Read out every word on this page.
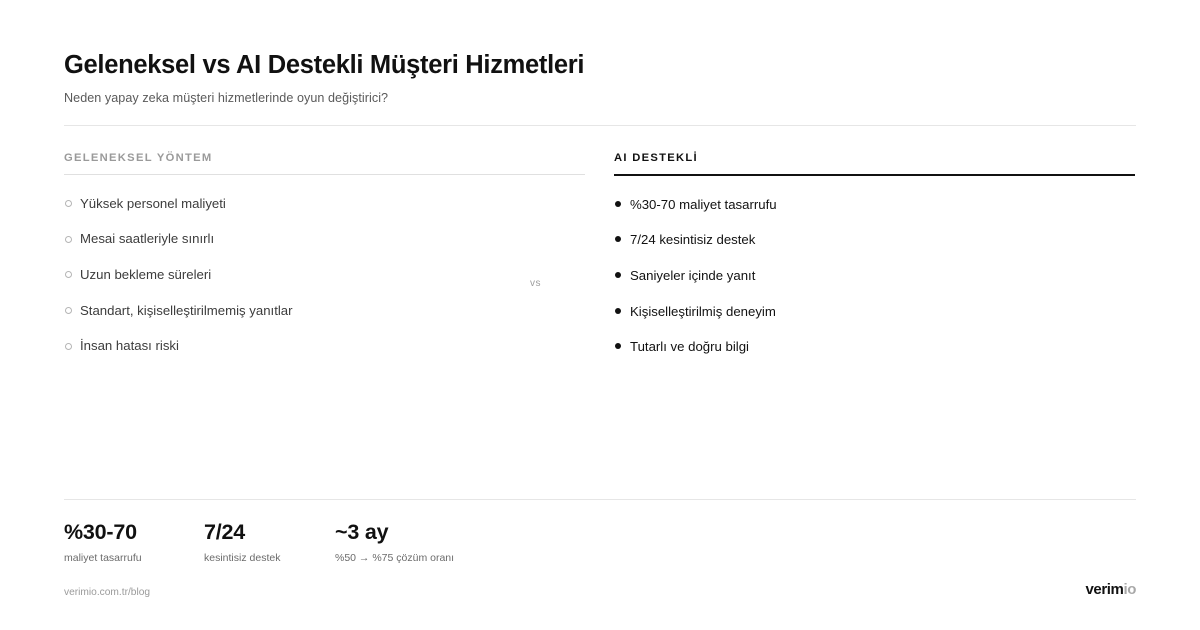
Geleneksel vs AI Destekli Müşteri Hizmetleri

Neden yapay zeka müşteri hizmetlerinde oyun değiştirici?

GELENEKSEL YÖNTEM
Yüksek personel maliyeti
Mesai saatleriyle sınırlı
Uzun bekleme süreleri
Standart, kişiselleştirilmemiş yanıtlar
İnsan hatası riski
AI DESTEKLİ
%30-70 maliyet tasarrufu
7/24 kesintisiz destek
Saniyeler içinde yanıt
Kişiselleştirilmiş deneyim
Tutarlı ve doğru bilgi
vs
%30-70
maliyet tasarrufu
7/24
kesintisiz destek
~3 ay
%50 → %75 çözüm oranı
verimio.com.tr/blog	verimio
